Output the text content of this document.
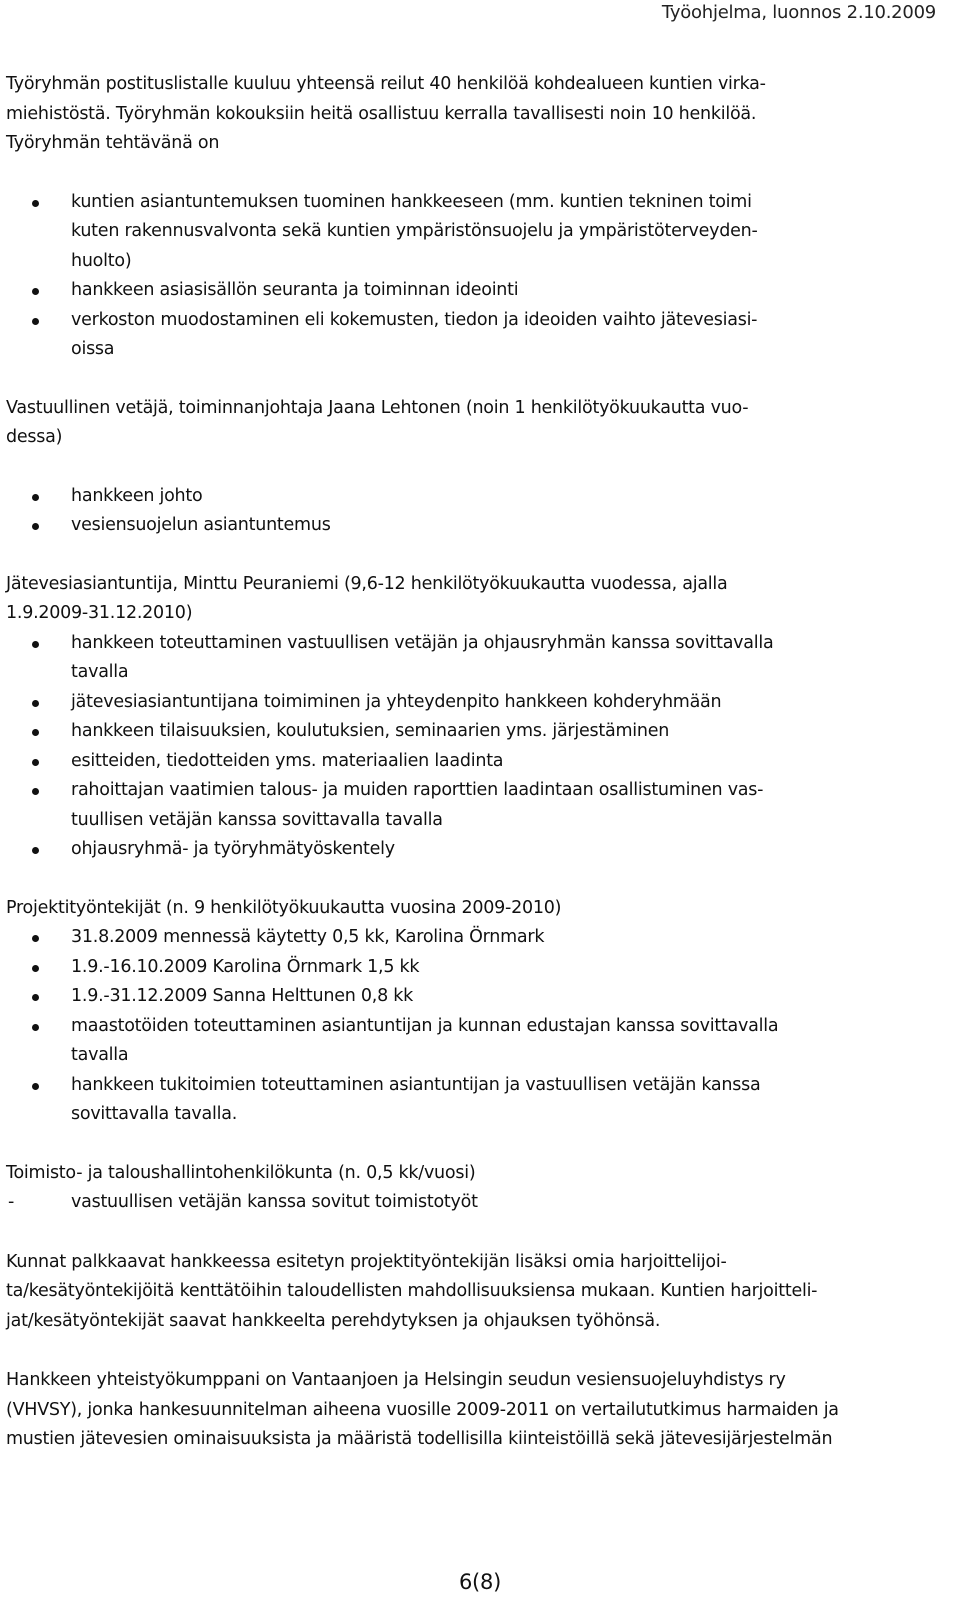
Työohjelma, luonnos 2.10.2009

Työryhmän postituslistalle kuuluu yhteensä reilut 40 henkilöä kohdealueen kuntien virka-

miehistöstä. Työryhmän kokouksiin heitä osallistuu kerralla tavallisesti noin 10 henkilöä.

Työryhmän tehtävänä on

kuntien asiantuntemuksen tuominen hankkeeseen (mm. kuntien tekninen toimi
kuten rakennusvalvonta sekä kuntien ympäristönsuojelu ja ympäristöterveyden-
huolto)
hankkeen asiasisällön seuranta ja toiminnan ideointi
verkoston muodostaminen eli kokemusten, tiedon ja ideoiden vaihto jätevesiasi-
oissa

Vastuullinen vetäjä, toiminnanjohtaja Jaana Lehtonen (noin 1 henkilötyökuukautta vuo-

dessa)

hankkeen johto
vesiensuojelun asiantuntemus

Jätevesiasiantuntija, Minttu Peuraniemi (9,6-12 henkilötyökuukautta vuodessa, ajalla

1.9.2009-31.12.2010)

hankkeen toteuttaminen vastuullisen vetäjän ja ohjausryhmän kanssa sovittavalla
tavalla
jätevesiasiantuntijana toimiminen ja yhteydenpito hankkeen kohderyhmään
hankkeen tilaisuuksien, koulutuksien, seminaarien yms. järjestäminen
esitteiden, tiedotteiden yms. materiaalien laadinta
rahoittajan vaatimien talous- ja muiden raporttien laadintaan osallistuminen vas-
tuullisen vetäjän kanssa sovittavalla tavalla
ohjausryhmä- ja työryhmätyöskentely

Projektityöntekijät (n. 9 henkilötyökuukautta vuosina 2009-2010)

31.8.2009 mennessä käytetty 0,5 kk, Karolina Örnmark
1.9.-16.10.2009 Karolina Örnmark 1,5 kk
1.9.-31.12.2009 Sanna Helttunen 0,8 kk
maastotöiden toteuttaminen asiantuntijan ja kunnan edustajan kanssa sovittavalla
tavalla
hankkeen tukitoimien toteuttaminen asiantuntijan ja vastuullisen vetäjän kanssa
sovittavalla tavalla.

Toimisto- ja taloushallintohenkilökunta (n. 0,5 kk/vuosi)

-	vastuullisen vetäjän kanssa sovitut toimistotyöt

Kunnat palkkaavat hankkeessa esitetyn projektityöntekijän lisäksi omia harjoittelijoi-

ta/kesätyöntekijöitä kenttätöihin taloudellisten mahdollisuuksiensa mukaan. Kuntien harjoitteli-

jat/kesätyöntekijät saavat hankkeelta perehdytyksen ja ohjauksen työhönsä.

Hankkeen yhteistyökumppani on Vantaanjoen ja Helsingin seudun vesiensuojeluyhdistys ry

(VHVSY), jonka hankesuunnitelman aiheena vuosille 2009-2011 on vertailututkimus harmaiden ja

mustien jätevesien ominaisuuksista ja määristä todellisilla kiinteistöillä sekä jätevesijärjestelmän

6(8)
